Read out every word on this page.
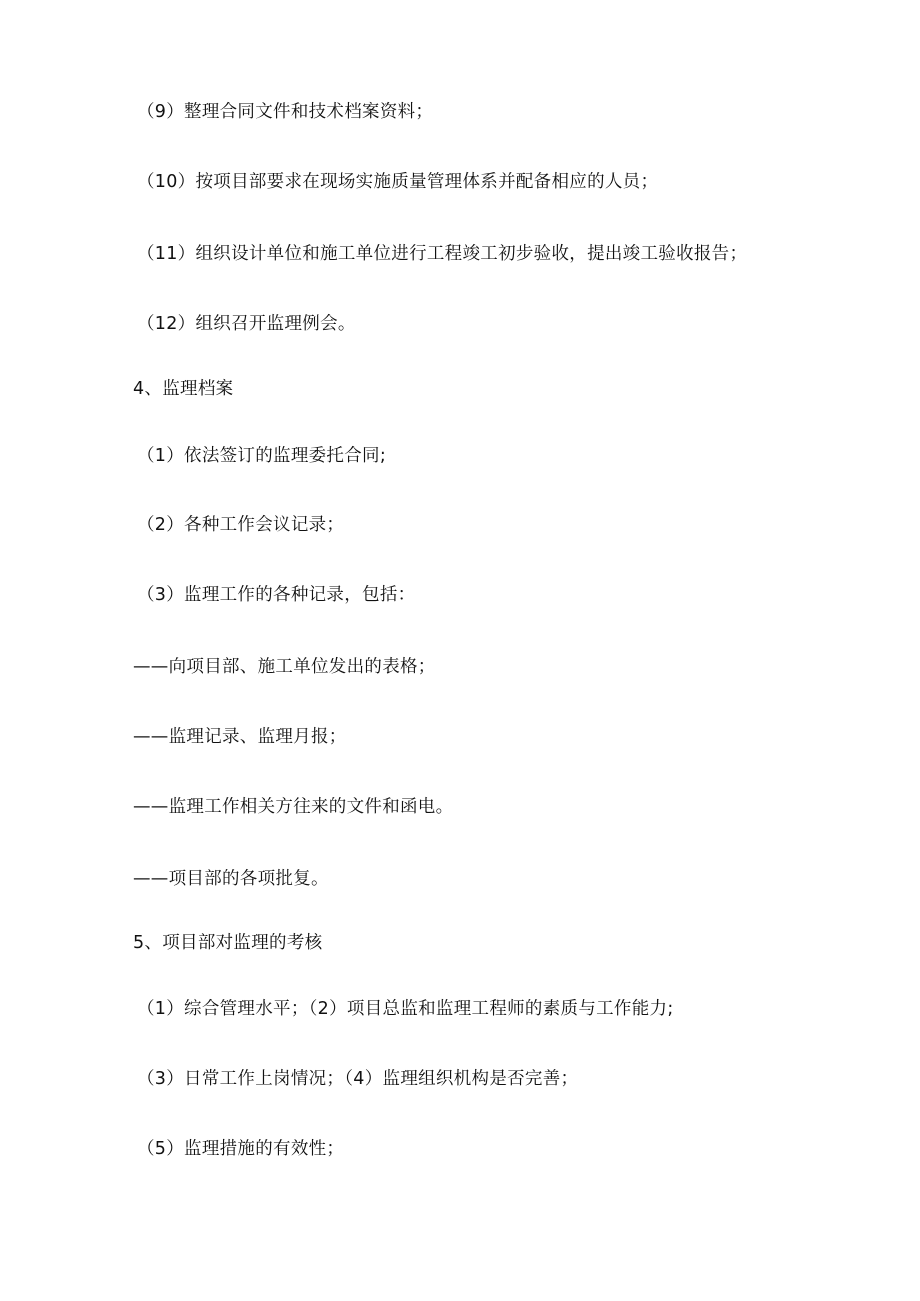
（9）整理合同文件和技术档案资料；
（10）按项目部要求在现场实施质量管理体系并配备相应的人员；
（11）组织设计单位和施工单位进行工程竣工初步验收，提出竣工验收报告；
（12）组织召开监理例会。
4、监理档案
（1）依法签订的监理委托合同;
（2）各种工作会议记录；
（3）监理工作的各种记录，包括：
——向项目部、施工单位发出的表格；
——监理记录、监理月报；
——监理工作相关方往来的文件和函电。
——项目部的各项批复。
5、项目部对监理的考核
（1）综合管理水平；（2）项目总监和监理工程师的素质与工作能力;
（3）日常工作上岗情况；（4）监理组织机构是否完善；
（5）监理措施的有效性；
